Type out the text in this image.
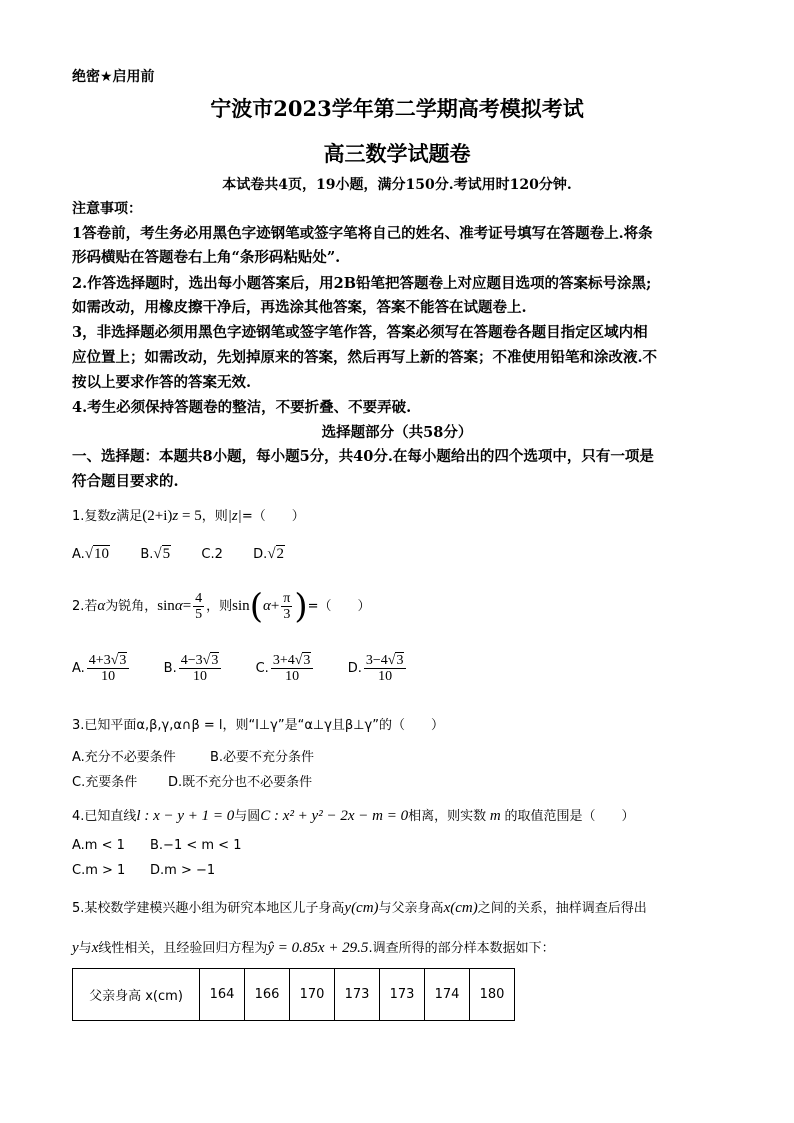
绝密★启用前
宁波市2023学年第二学期高考模拟考试
高三数学试题卷
本试卷共4页，19小题，满分150分.考试用时120分钟.
注意事项：
1答卷前，考生务必用黑色字迹钢笔或签字笔将自己的姓名、准考证号填写在答题卷上.将条
形码横贴在答题卷右上角“条形码粘贴处”.
2.作答选择题时，选出每小题答案后，用2B铅笔把答题卷上对应题目选项的答案标号涂黑;
如需改动，用橡皮擦干净后，再选涂其他答案，答案不能答在试题卷上.
3，非选择题必须用黑色字迹钢笔或签字笔作答，答案必须写在答题卷各题目指定区域内相
应位置上；如需改动，先划掉原来的答案，然后再写上新的答案；不准使用铅笔和涂改液.不
按以上要求作答的答案无效.
4.考生必须保持答题卷的整洁，不要折叠、不要弄破.
选择题部分（共58分）
一、选择题：本题共8小题，每小题5分，共40分.在每小题给出的四个选项中，只有一项是
符合题目要求的.
1.复数z满足(2+i)z = 5，则|z|=（　　）
A.√10 B.√5 C.2 D.√2
2.若α为锐角，$\sin\alpha= \frac{4}{5}$ ，则$\sin(\alpha+ \frac{\pi}{3}$ )=（　　）
A. $\frac{4+3√3}{10}$	B. $\frac{4-3√3}{10}$	C. $\frac{3+4√3}{10}$	D. $\frac{3-4√3}{10}$
3.已知平面α,β,γ,α∩β = l，则“l⊥γ”是“α⊥γ且β⊥γ”的（　　）
A.充分不必要条件	B.必要不充分条件
C.充要条件 D.既不充分也不必要条件
4.已知直线l : x − y + 1 = 0与圆C : x² + y² − 2x − m = 0相离，则实数 m 的取值范围是（　　）
A.m < 1 B.−1 < m < 1
C.m > 1 D.m > −1
5.某校数学建模兴趣小组为研究本地区儿子身高y(cm)与父亲身高x(cm)之间的关系，抽样调查后得出
y与x线性相关，且经验回归方程为ŷ = 0.85x + 29.5.调查所得的部分样本数据如下：
父亲身高 x(cm)	164	166	170	173	173	174	180
